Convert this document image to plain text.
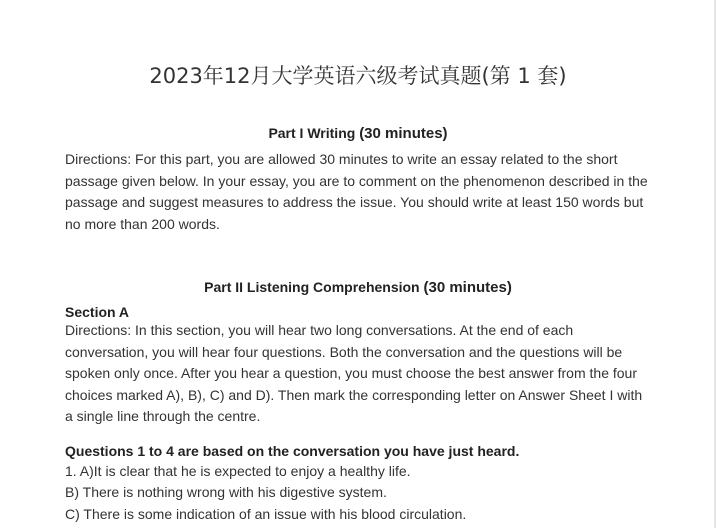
2023年12月大学英语六级考试真题(第 1 套)
Part I Writing (30 minutes)

Directions: For this part, you are allowed 30 minutes to write an essay related to the short passage given below. In your essay, you are to comment on the phenomenon described in the passage and suggest measures to address the issue. You should write at least 150 words but no more than 200 words.

Part II Listening Comprehension (30 minutes)
Section A

Directions: In this section, you will hear two long conversations. At the end of each conversation, you will hear four questions. Both the conversation and the questions will be spoken only once. After you hear a question, you must choose the best answer from the four choices marked A), B), C) and D). Then mark the corresponding letter on Answer Sheet I with a single line through the centre.

Questions 1 to 4 are based on the conversation you have just heard.
1. A)It is clear that he is expected to enjoy a healthy life.
B) There is nothing wrong with his digestive system.
C) There is some indication of an issue with his blood circulation.
